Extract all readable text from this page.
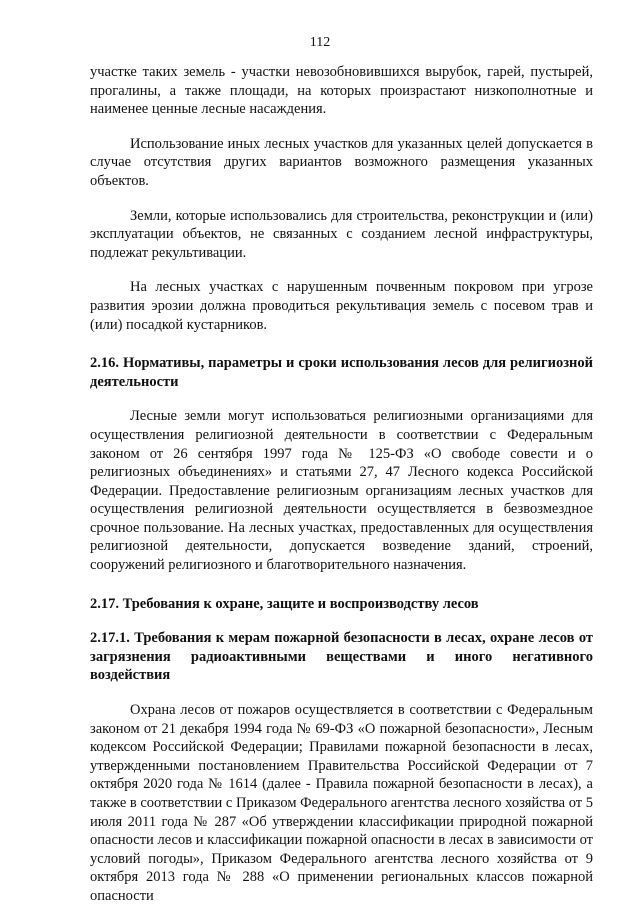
112

участке таких земель - участки невозобновившихся вырубок, гарей, пустырей, прогалины, а также площади, на которых произрастают низкополнотные и наименее ценные лесные насаждения.

Использование иных лесных участков для указанных целей допускается в случае отсутствия других вариантов возможного размещения указанных объектов.

Земли, которые использовались для строительства, реконструкции и (или) эксплуатации объектов, не связанных с созданием лесной инфраструктуры, подлежат рекультивации.

На лесных участках с нарушенным почвенным покровом при угрозе развития эрозии должна проводиться рекультивация земель с посевом трав и (или) посадкой кустарников.

2.16. Нормативы, параметры и сроки использования лесов для религиозной деятельности

Лесные земли могут использоваться религиозными организациями для осуществления религиозной деятельности в соответствии с Федеральным законом от 26 сентября 1997 года № 125-ФЗ «О свободе совести и о религиозных объединениях» и статьями 27, 47 Лесного кодекса Российской Федерации. Предоставление религиозным организациям лесных участков для осуществления религиозной деятельности осуществляется в безвозмездное срочное пользование. На лесных участках, предоставленных для осуществления религиозной деятельности, допускается возведение зданий, строений, сооружений религиозного и благотворительного назначения.

2.17. Требования к охране, защите и воспроизводству лесов
2.17.1. Требования к мерам пожарной безопасности в лесах, охране лесов от загрязнения радиоактивными веществами и иного негативного воздействия

Охрана лесов от пожаров осуществляется в соответствии с Федеральным законом от 21 декабря 1994 года № 69-ФЗ «О пожарной безопасности», Лесным кодексом Российской Федерации; Правилами пожарной безопасности в лесах, утвержденными постановлением Правительства Российской Федерации от 7 октября 2020 года № 1614 (далее - Правила пожарной безопасности в лесах), а также в соответствии с Приказом Федерального агентства лесного хозяйства от 5 июля 2011 года № 287 «Об утверждении классификации природной пожарной опасности лесов и классификации пожарной опасности в лесах в зависимости от условий погоды», Приказом Федерального агентства лесного хозяйства от 9 октября 2013 года № 288 «О применении региональных классов пожарной опасности
